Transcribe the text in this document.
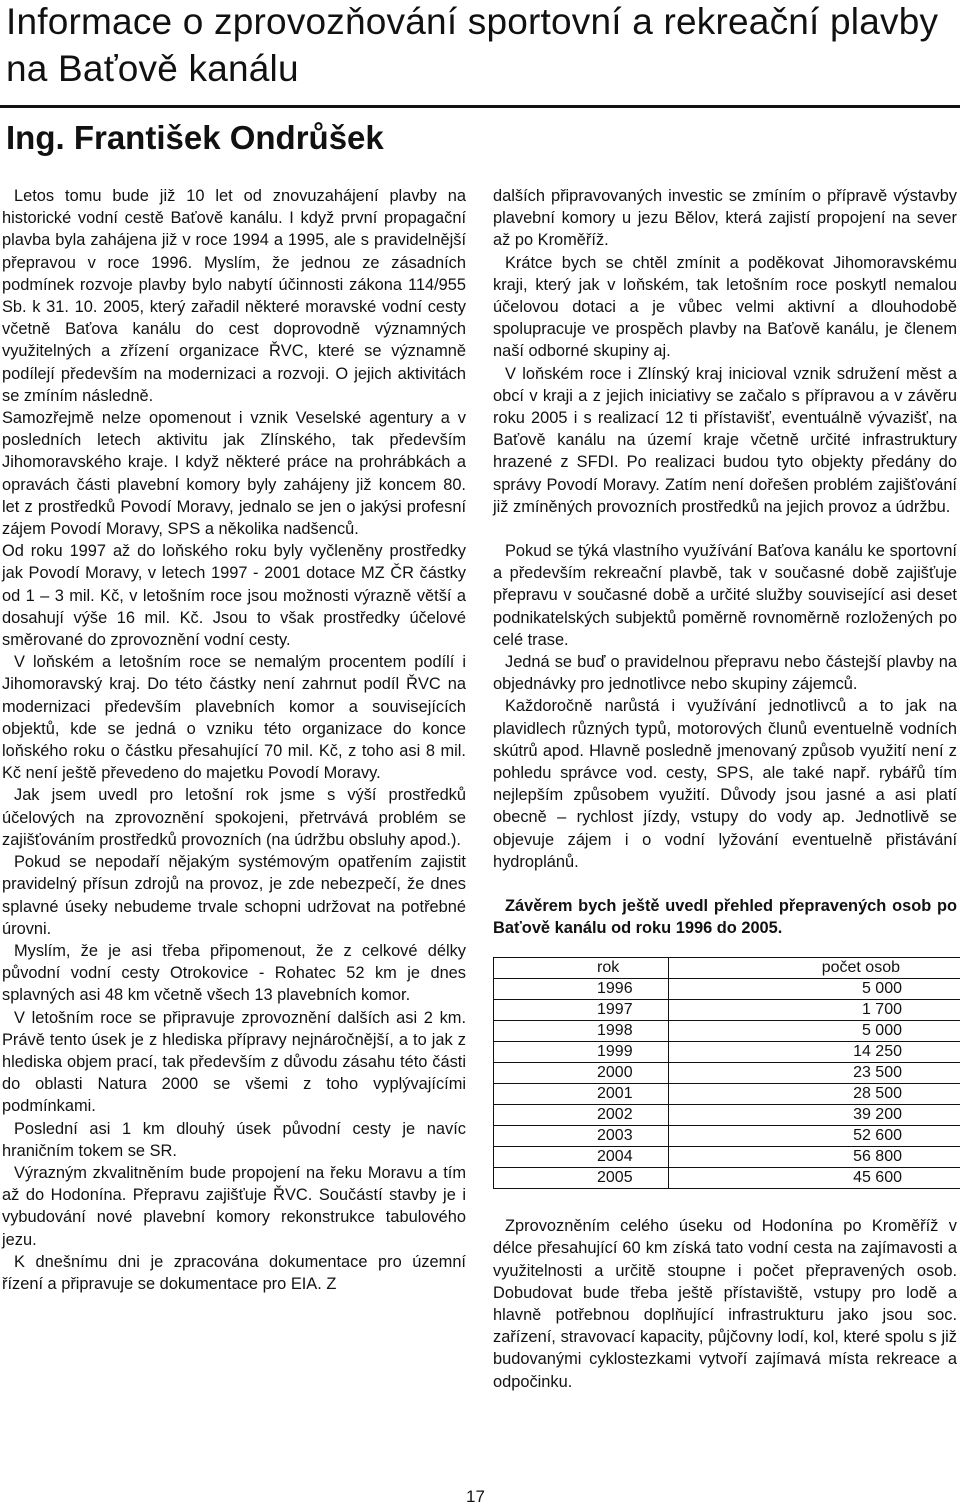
Informace o zprovozňování sportovní a rekreační plavby na Baťově kanálu
Ing. František Ondrůšek

Letos tomu bude již 10 let od znovuzahájení plavby na historické vodní cestě Baťově kanálu. I když první propagační plavba byla zahájena již v roce 1994 a 1995, ale s pravidelnější přepravou v roce 1996. Myslím, že jednou ze zásadních podmínek rozvoje plavby bylo nabytí účinnosti zákona 114/955 Sb. k 31. 10. 2005, který zařadil některé moravské vodní cesty včetně Baťova kanálu do cest doprovodně významných využitelných a zřízení organizace ŘVC, které se významně podílejí především na modernizaci a rozvoji. O jejich aktivitách se zmíním následně.

Samozřejmě nelze opomenout i vznik Veselské agentury a v posledních letech aktivitu jak Zlínského, tak především Jihomoravského kraje. I když některé práce na prohrábkách a opravách části plavební komory byly zahájeny již koncem 80. let z prostředků Povodí Moravy, jednalo se jen o jakýsi profesní zájem Povodí Moravy, SPS a několika nadšenců.

Od roku 1997 až do loňského roku byly vyčleněny prostředky jak Povodí Moravy, v letech 1997 - 2001 dotace MZ ČR částky od 1 – 3 mil. Kč, v letošním roce jsou možnosti výrazně větší a dosahují výše 16 mil. Kč. Jsou to však prostředky účelové směrované do zprovoznění vodní cesty.

V loňském a letošním roce se nemalým procentem podílí i Jihomoravský kraj. Do této částky není zahrnut podíl ŘVC na modernizaci především plavebních komor a souvisejících objektů, kde se jedná o vzniku této organizace do konce loňského roku o částku přesahující 70 mil. Kč, z toho asi 8 mil. Kč není ještě převedeno do majetku Povodí Moravy.

Jak jsem uvedl pro letošní rok jsme s výší prostředků účelových na zprovoznění spokojeni, přetrvává problém se zajišťováním prostředků provozních (na údržbu obsluhy apod.).

Pokud se nepodaří nějakým systémovým opatřením zajistit pravidelný přísun zdrojů na provoz, je zde nebezpečí, že dnes splavné úseky nebudeme trvale schopni udržovat na potřebné úrovni.

Myslím, že je asi třeba připomenout, že z celkové délky původní vodní cesty Otrokovice - Rohatec 52 km je dnes splavných asi 48 km včetně všech 13 plavebních komor.

V letošním roce se připravuje zprovoznění dalších asi 2 km. Právě tento úsek je z hlediska přípravy nejnáročnější, a to jak z hlediska objem prací, tak především z důvodu zásahu této části do oblasti Natura 2000 se všemi z toho vyplývajícími podmínkami.

Poslední asi 1 km dlouhý úsek původní cesty je navíc hraničním tokem se SR.

Výrazným zkvalitněním bude propojení na řeku Moravu a tím až do Hodonína. Přepravu zajišťuje ŘVC. Součástí stavby je i vybudování nové plavební komory rekonstrukce tabulového jezu.

K dnešnímu dni je zpracována dokumentace pro územní řízení a připravuje se dokumentace pro EIA. Z

dalších připravovaných investic se zmíním o přípravě výstavby plavební komory u jezu Bělov, která zajistí propojení na sever až po Kroměříž.

Krátce bych se chtěl zmínit a poděkovat Jihomoravskému kraji, který jak v loňském, tak letošním roce poskytl nemalou účelovou dotaci a je vůbec velmi aktivní a dlouhodobě spolupracuje ve prospěch plavby na Baťově kanálu, je členem naší odborné skupiny aj.

V loňském roce i Zlínský kraj inicioval vznik sdružení měst a obcí v kraji a z jejich iniciativy se začalo s přípravou a v závěru roku 2005 i s realizací 12 ti přístavišť, eventuálně vývazišť, na Baťově kanálu na území kraje včetně určité infrastruktury hrazené z SFDI. Po realizaci budou tyto objekty předány do správy Povodí Moravy. Zatím není dořešen problém zajišťování již zmíněných provozních prostředků na jejich provoz a údržbu.

Pokud se týká vlastního využívání Baťova kanálu ke sportovní a především rekreační plavbě, tak v současné době zajišťuje přepravu v současné době a určité služby související asi deset podnikatelských subjektů poměrně rovnoměrně rozložených po celé trase.

Jedná se buď o pravidelnou přepravu nebo částejší plavby na objednávky pro jednotlivce nebo skupiny zájemců.

Každoročně narůstá i využívání jednotlivců a to jak na plavidlech různých typů, motorových člunů eventuelně vodních skútrů apod. Hlavně posledně jmenovaný způsob využití není z pohledu správce vod. cesty, SPS, ale také např. rybářů tím nejlepším způsobem využití. Důvody jsou jasné a asi platí obecně – rychlost jízdy, vstupy do vody ap. Jednotlivě se objevuje zájem i o vodní lyžování eventuelně přistávání hydroplánů.

Závěrem bych ještě uvedl přehled přepravených osob po Baťově kanálu od roku 1996 do 2005.

rok	počet osob
1996	5 000
1997	1 700
1998	5 000
1999	14 250
2000	23 500
2001	28 500
2002	39 200
2003	52 600
2004	56 800
2005	45 600

Zprovozněním celého úseku od Hodonína po Kroměříž v délce přesahující 60 km získá tato vodní cesta na zajímavosti a využitelnosti a určitě stoupne i počet přepravených osob. Dobudovat bude třeba ještě přístaviště, vstupy pro lodě a hlavně potřebnou doplňující infrastrukturu jako jsou soc. zařízení, stravovací kapacity, půjčovny lodí, kol, které spolu s již budovanými cyklostezkami vytvoří zajímavá místa rekreace a odpočinku.

17
